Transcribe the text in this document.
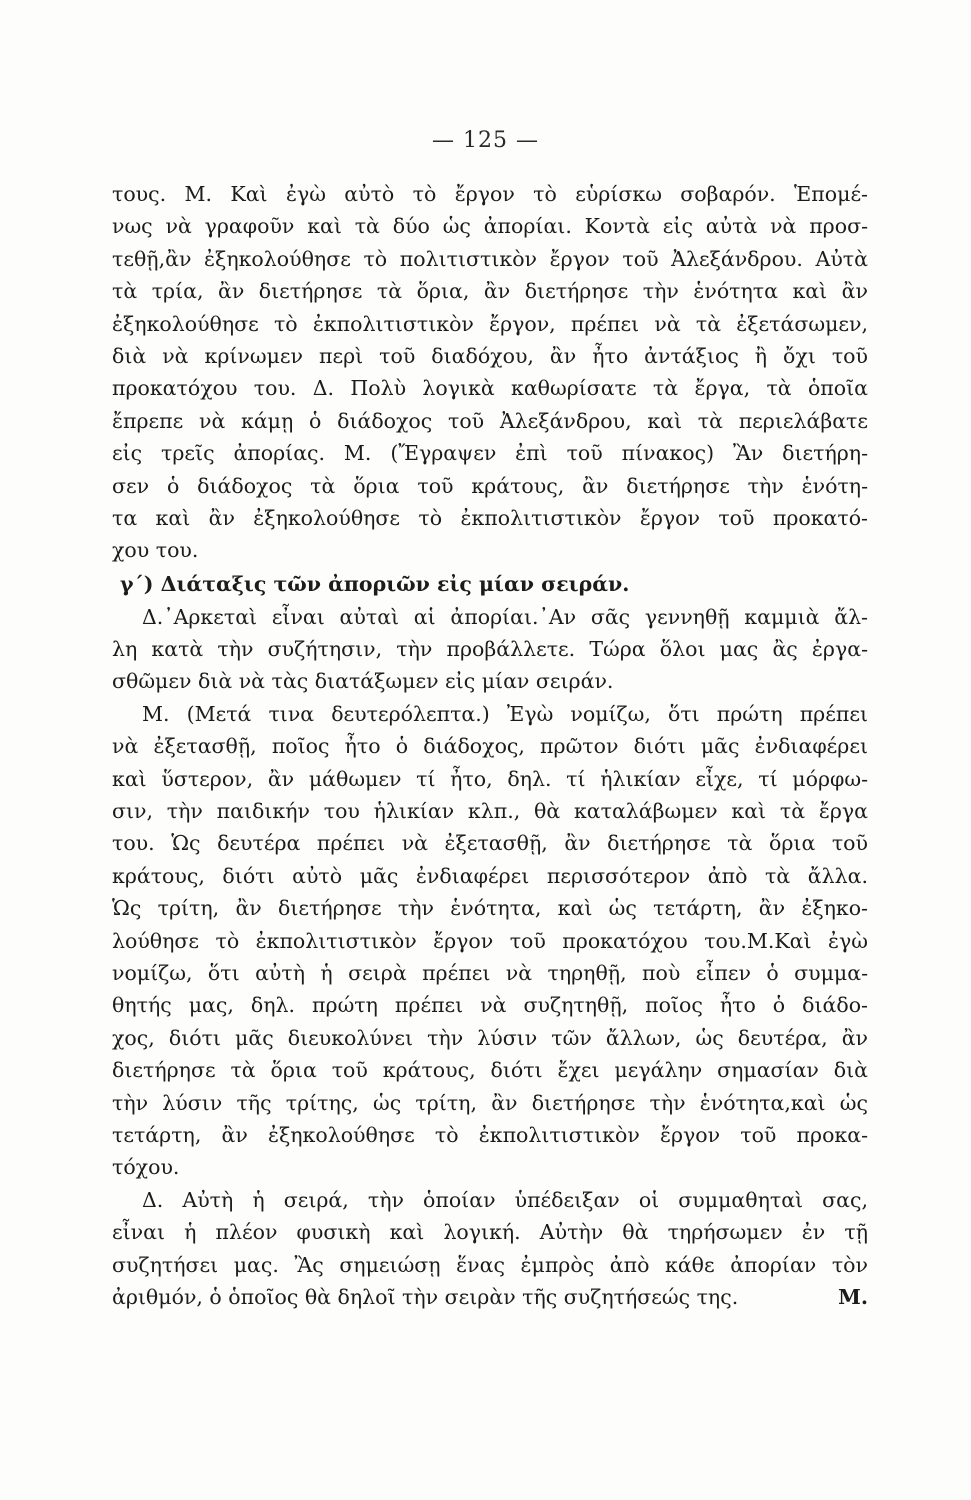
— 125 —
τους. Μ. Καὶ ἐγὼ αὐτὸ τὸ ἔργον τὸ εὑρίσκω σοβαρόν. Ἑπομέ-
νως νὰ γραφοῦν καὶ τὰ δύο ὡς ἀπορίαι. Κοντὰ εἰς αὐτὰ νὰ προσ-
τεθῇ,ἂν ἐξηκολούθησε τὸ πολιτιστικὸν ἔργον τοῦ Ἀλεξάνδρου. Αὐτὰ
τὰ τρία, ἂν διετήρησε τὰ ὅρια, ἂν διετήρησε τὴν ἑνότητα καὶ ἂν
ἐξηκολούθησε τὸ ἐκπολιτιστικὸν ἔργον, πρέπει νὰ τὰ ἐξετάσωμεν,
διὰ νὰ κρίνωμεν περὶ τοῦ διαδόχου, ἂν ἦτο ἀντάξιος ἢ ὄχι τοῦ
προκατόχου του. Δ. Πολὺ λογικὰ καθωρίσατε τὰ ἔργα, τὰ ὁποῖα
ἔπρεπε νὰ κάμῃ ὁ διάδοχος τοῦ Ἀλεξάνδρου, καὶ τὰ περιελάβατε
εἰς τρεῖς ἀπορίας. Μ. (Ἔγραψεν ἐπὶ τοῦ πίνακος) Ἂν διετήρη-
σεν ὁ διάδοχος τὰ ὅρια τοῦ κράτους, ἂν διετήρησε τὴν ἑνότη-
τα καὶ ἂν ἐξηκολούθησε τὸ ἐκπολιτιστικὸν ἔργον τοῦ προκατό-
χου του.
γ΄) Διάταξις τῶν ἀποριῶν εἰς μίαν σειράν.
Δ.᾿Αρκεταὶ εἶναι αὐταὶ αἱ ἀπορίαι.᾿Αν σᾶς γεννηθῇ καμμιὰ ἄλ-
λη κατὰ τὴν συζήτησιν, τὴν προβάλλετε. Τώρα ὅλοι μας ἂς ἐργα-
σθῶμεν διὰ νὰ τὰς διατάξωμεν εἰς μίαν σειράν.
Μ. (Μετά τινα δευτερόλεπτα.) Ἐγὼ νομίζω, ὅτι πρώτη πρέπει
νὰ ἐξετασθῇ, ποῖος ἦτο ὁ διάδοχος, πρῶτον διότι μᾶς ἐνδιαφέρει
καὶ ὕστερον, ἂν μάθωμεν τί ἦτο, δηλ. τί ἡλικίαν εἶχε, τί μόρφω-
σιν, τὴν παιδικήν του ἡλικίαν κλπ., θὰ καταλάβωμεν καὶ τὰ ἔργα
του. Ὡς δευτέρα πρέπει νὰ ἐξετασθῇ, ἂν διετήρησε τὰ ὅρια τοῦ
κράτους, διότι αὐτὸ μᾶς ἐνδιαφέρει περισσότερον ἀπὸ τὰ ἄλλα.
Ὡς τρίτη, ἂν διετήρησε τὴν ἑνότητα, καὶ ὡς τετάρτη, ἂν ἐξηκο-
λούθησε τὸ ἐκπολιτιστικὸν ἔργον τοῦ προκατόχου του.Μ.Καὶ ἐγὼ
νομίζω, ὅτι αὐτὴ ἡ σειρὰ πρέπει νὰ τηρηθῇ, ποὺ εἶπεν ὁ συμμα-
θητής μας, δηλ. πρώτη πρέπει νὰ συζητηθῇ, ποῖος ἦτο ὁ διάδο-
χος, διότι μᾶς διευκολύνει τὴν λύσιν τῶν ἄλλων, ὡς δευτέρα, ἂν
διετήρησε τὰ ὅρια τοῦ κράτους, διότι ἔχει μεγάλην σημασίαν διὰ
τὴν λύσιν τῆς τρίτης, ὡς τρίτη, ἂν διετήρησε τὴν ἑνότητα,καὶ ὡς
τετάρτη, ἂν ἐξηκολούθησε τὸ ἐκπολιτιστικὸν ἔργον τοῦ προκα-
τόχου.
Δ. Αὐτὴ ἡ σειρά, τὴν ὁποίαν ὑπέδειξαν οἱ συμμαθηταὶ σας,
εἶναι ἡ πλέον φυσικὴ καὶ λογική. Αὐτὴν θὰ τηρήσωμεν ἐν τῇ
συζητήσει μας. Ἂς σημειώσῃ ἕνας ἐμπρὸς ἀπὸ κάθε ἀπορίαν τὸν
ἀριθμόν, ὁ ὁποῖος θὰ δηλοῖ τὴν σειρὰν τῆς συζητήσεώς της.	Μ.
